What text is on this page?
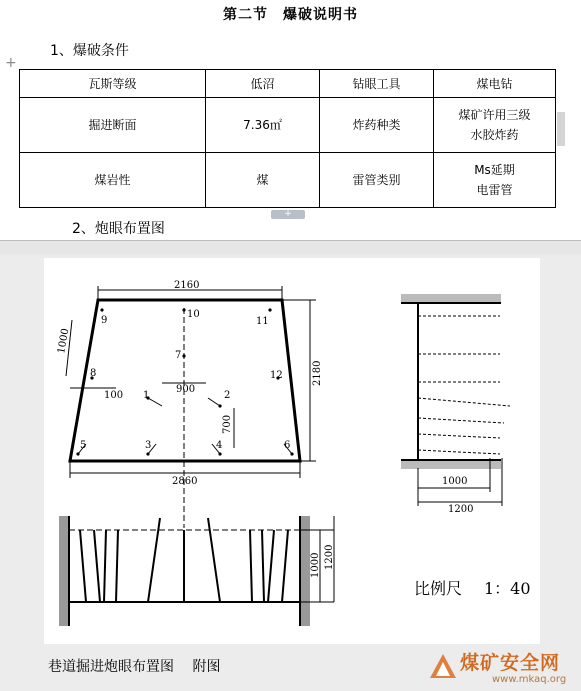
第二节　爆破说明书
+
1、爆破条件
瓦斯等级	低沼	钻眼工具	煤电钻
掘进断面	7.36㎡	炸药种类	煤矿许用三级
水胶炸药

煤岩性	煤	雷管类别	Ms延期
电雷管
+
2、炮眼布置图
2160
2860
2180
1000
100
900
700
1	2
3	4
5	6
7
8
9
10
11
12
1000
1200
1000 1200
比例尺 1：40
巷道掘进炮眼布置图　 附图	煤矿安全网
www.mkaq.org
